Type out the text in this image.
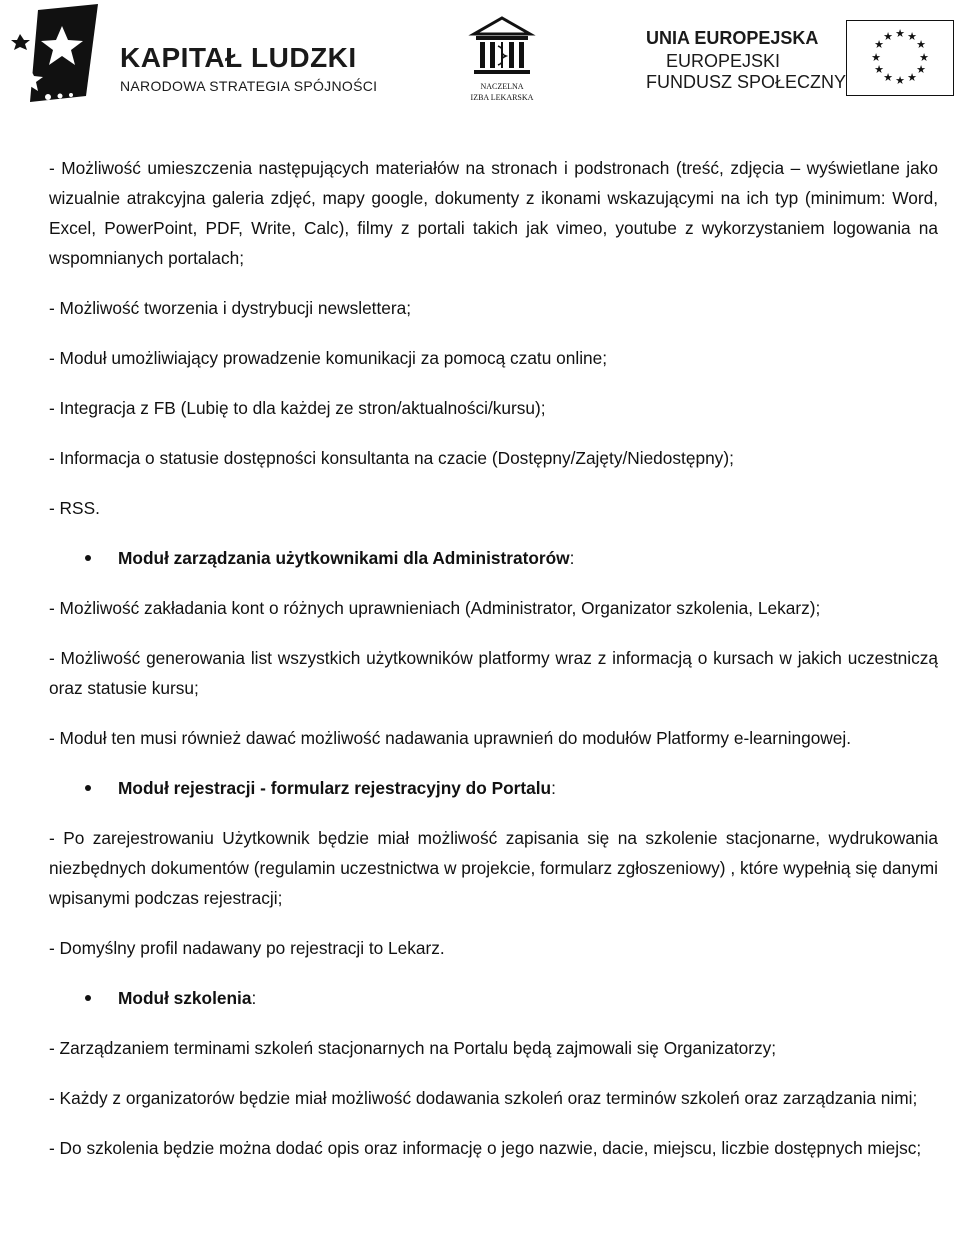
KAPITAŁ LUDZKI
NARODOWA STRATEGIA SPÓJNOŚCI	NACZELNA
IZBA LEKARSKA
UNIA EUROPEJSKA
EUROPEJSKI
FUNDUSZ SPOŁECZNY
★ ★
★
★
★
★
★
★
★
★
★
★

- Możliwość umieszczenia następujących materiałów na stronach i podstronach (treść, zdjęcia – wyświetlane jako wizualnie atrakcyjna galeria zdjęć, mapy google, dokumenty z ikonami wskazującymi na ich typ (minimum: Word, Excel, PowerPoint, PDF, Write, Calc), filmy z portali takich jak vimeo, youtube z wykorzystaniem logowania na wspomnianych portalach;

- Możliwość tworzenia i dystrybucji newslettera;

- Moduł umożliwiający prowadzenie komunikacji za pomocą czatu online;

- Integracja z FB (Lubię to dla każdej ze stron/aktualności/kursu);

- Informacja o statusie dostępności konsultanta na czacie (Dostępny/Zajęty/Niedostępny);

- RSS.

Moduł zarządzania użytkownikami dla Administratorów:

- Możliwość zakładania kont o różnych uprawnieniach (Administrator, Organizator szkolenia, Lekarz);

- Możliwość generowania list wszystkich użytkowników platformy wraz z informacją o kursach w jakich uczestniczą oraz statusie kursu;

- Moduł ten musi również dawać możliwość nadawania uprawnień do modułów Platformy e-learningowej.

Moduł rejestracji - formularz rejestracyjny do Portalu:

- Po zarejestrowaniu Użytkownik będzie miał możliwość zapisania się na szkolenie stacjonarne, wydrukowania niezbędnych dokumentów (regulamin uczestnictwa w projekcie, formularz zgłoszeniowy) , które wypełnią się danymi wpisanymi podczas rejestracji;

- Domyślny profil nadawany po rejestracji to Lekarz.

Moduł szkolenia:

- Zarządzaniem terminami szkoleń stacjonarnych na Portalu będą zajmowali się Organizatorzy;

- Każdy z organizatorów będzie miał możliwość dodawania szkoleń oraz terminów szkoleń oraz zarządzania nimi;

- Do szkolenia będzie można dodać opis oraz informację o jego nazwie, dacie, miejscu, liczbie dostępnych miejsc;
